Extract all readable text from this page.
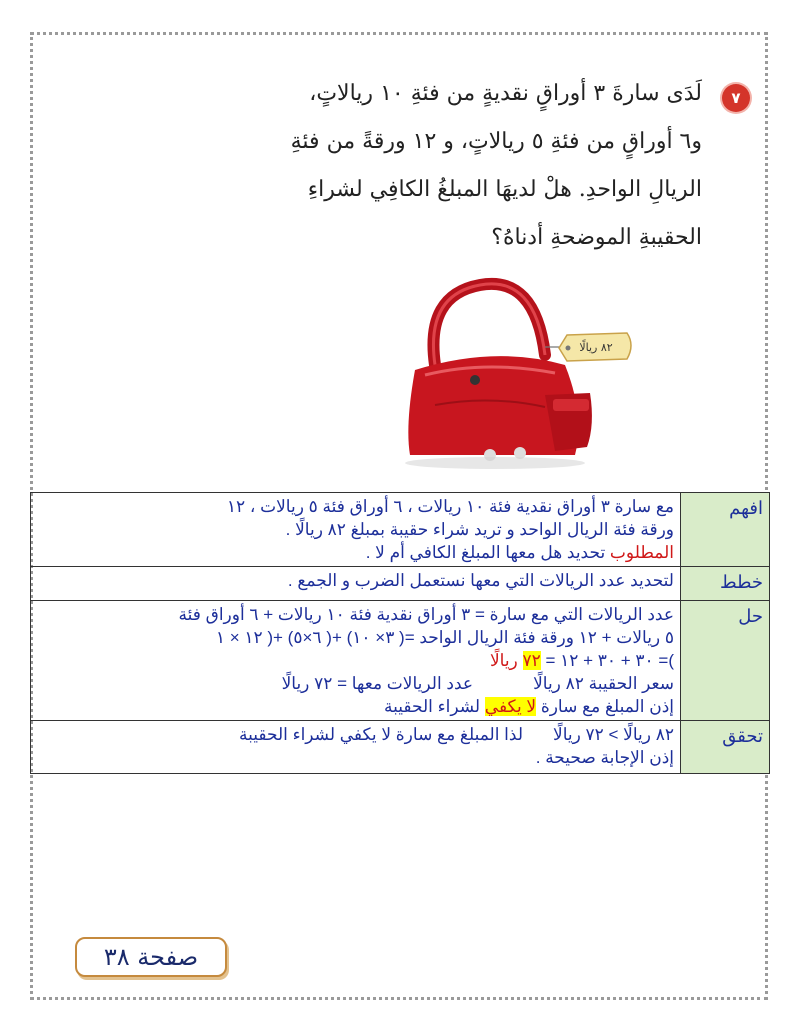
٧
لَدَى سارةَ ٣ أوراقٍ نقديةٍ من فئةِ ١٠ ريالاتٍ،
و٦ أوراقٍ من فئةِ ٥ ريالاتٍ، و ١٢ ورقةً من فئةِ
الريالِ الواحدِ. هلْ لديهَا المبلغُ الكافِي لشراءِ
الحقيبةِ الموضحةِ أدناهُ؟
٨٢ ريالًا
افهم	مع سارة ٣ أوراق نقدية فئة ١٠ ريالات ، ٦ أوراق فئة ٥ ريالات ، ١٢
ورقة فئة الريال الواحد و تريد شراء حقيبة بمبلغ ٨٢ ريالًا .
المطلوب تحديد هل معها المبلغ الكافي أم لا .

خطط	لتحديد عدد الريالات التي معها نستعمل الضرب و الجمع .

حل	عدد الريالات التي مع سارة = ٣ أوراق نقدية فئة ١٠ ريالات + ٦ أوراق فئة
٥ ريالات + ١٢ ورقة فئة الريال الواحد =( ٣× ١٠) +( ٦×٥) +( ١٢ × ١
)= ٣٠ + ٣٠ + ١٢ = ٧٢ ريالًا
سعر الحقيبة ٨٢ ريالًاعدد الريالات معها = ٧٢ ريالًا
إذن المبلغ مع سارة لا يكفي لشراء الحقيبة

تحقق	٨٢ ريالًا > ٧٢ ريالًالذا المبلغ مع سارة لا يكفي لشراء الحقيبة
إذن الإجابة صحيحة .
صفحة ٣٨
